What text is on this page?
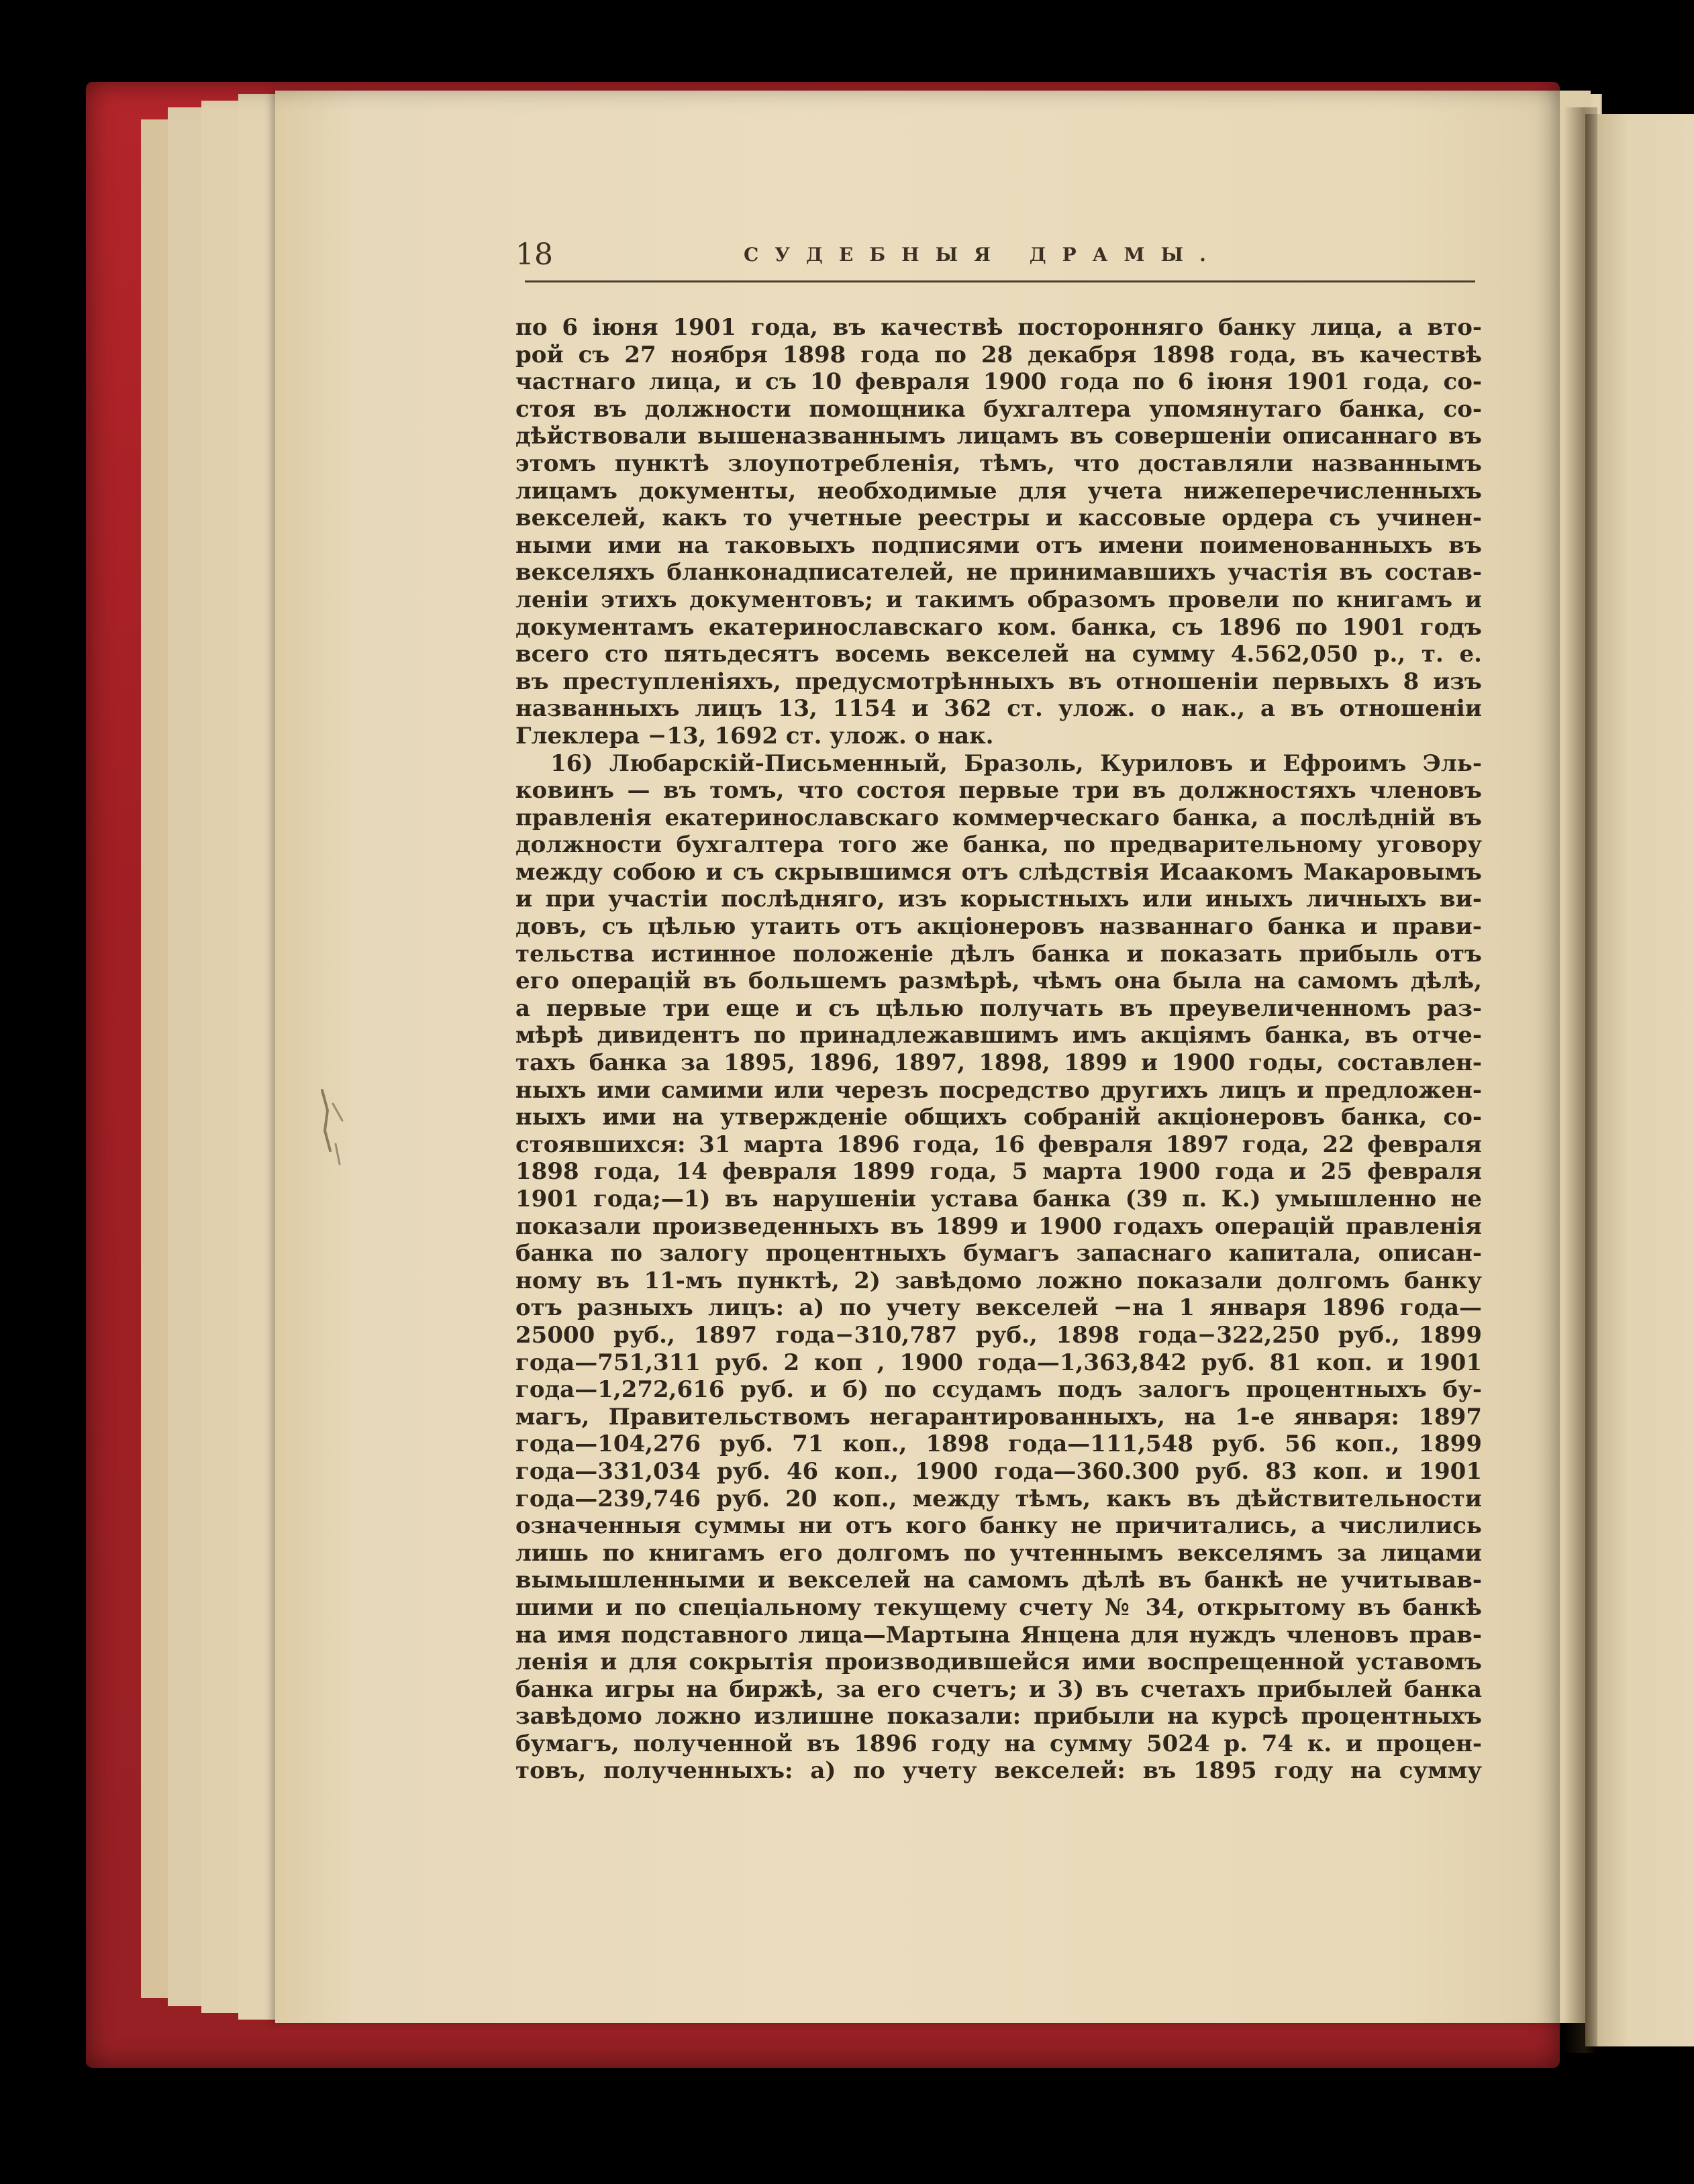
18	СУДЕБНЫЯ ДРАМЫ.
по 6 іюня 1901 года, въ качествѣ посторонняго банку лица, а вто-
рой съ 27 ноября 1898 года по 28 декабря 1898 года, въ качествѣ
частнаго лица, и съ 10 февраля 1900 года по 6 іюня 1901 года, со-
стоя въ должности помощника бухгалтера упомянутаго банка, со-
дѣйствовали вышеназваннымъ лицамъ въ совершеніи описаннаго въ
этомъ пунктѣ злоупотребленія, тѣмъ, что доставляли названнымъ
лицамъ документы, необходимые для учета нижеперечисленныхъ
векселей, какъ то учетные реестры и кассовые ордера съ учинен-
ными ими на таковыхъ подписями отъ имени поименованныхъ въ
векселяхъ бланконадписателей, не принимавшихъ участія въ состав-
леніи этихъ документовъ; и такимъ образомъ провели по книгамъ и
документамъ екатеринославскаго ком. банка, съ 1896 по 1901 годъ
всего сто пятьдесятъ восемь векселей на сумму 4.562,050 р., т. е.
въ преступленіяхъ, предусмотрѣнныхъ въ отношеніи первыхъ 8 изъ
названныхъ лицъ 13, 1154 и 362 ст. улож. о нак., а въ отношеніи
Глеклера −13, 1692 ст. улож. о нак.
16) Любарскій-Письменный, Бразоль, Куриловъ и Ефроимъ Эль-
ковинъ — въ томъ, что состоя первые три въ должностяхъ членовъ
правленія екатеринославскаго коммерческаго банка, а послѣдній въ
должности бухгалтера того же банка, по предварительному уговору
между собою и съ скрывшимся отъ слѣдствія Исаакомъ Макаровымъ
и при участіи послѣдняго, изъ корыстныхъ или иныхъ личныхъ ви-
довъ, съ цѣлью утаить отъ акціонеровъ названнаго банка и прави-
тельства истинное положеніе дѣлъ банка и показать прибыль отъ
его операцій въ большемъ размѣрѣ, чѣмъ она была на самомъ дѣлѣ,
а первые три еще и съ цѣлью получать въ преувеличенномъ раз-
мѣрѣ дивидентъ по принадлежавшимъ имъ акціямъ банка, въ отче-
тахъ банка за 1895, 1896, 1897, 1898, 1899 и 1900 годы, составлен-
ныхъ ими самими или черезъ посредство другихъ лицъ и предложен-
ныхъ ими на утвержденіе общихъ собраній акціонеровъ банка, со-
стоявшихся: 31 марта 1896 года, 16 февраля 1897 года, 22 февраля
1898 года, 14 февраля 1899 года, 5 марта 1900 года и 25 февраля
1901 года;—1) въ нарушеніи устава банка (39 п. К.) умышленно не
показали произведенныхъ въ 1899 и 1900 годахъ операцій правленія
банка по залогу процентныхъ бумагъ запаснаго капитала, описан-
ному въ 11-мъ пунктѣ, 2) завѣдомо ложно показали долгомъ банку
отъ разныхъ лицъ: а) по учету векселей −на 1 января 1896 года—
25000 руб., 1897 года−310,787 руб., 1898 года−322,250 руб., 1899
года—751,311 руб. 2 коп , 1900 года—1,363,842 руб. 81 коп. и 1901
года—1,272,616 руб. и б) по ссудамъ подъ залогъ процентныхъ бу-
магъ, Правительствомъ негарантированныхъ, на 1-е января: 1897
года—104,276 руб. 71 коп., 1898 года—111,548 руб. 56 коп., 1899
года—331,034 руб. 46 коп., 1900 года—360.300 руб. 83 коп. и 1901
года—239,746 руб. 20 коп., между тѣмъ, какъ въ дѣйствительности
означенныя суммы ни отъ кого банку не причитались, а числились
лишь по книгамъ его долгомъ по учтеннымъ векселямъ за лицами
вымышленными и векселей на самомъ дѣлѣ въ банкѣ не учитывав-
шими и по спеціальному текущему счету № 34, открытому въ банкѣ
на имя подставного лица—Мартына Янцена для нуждъ членовъ прав-
ленія и для сокрытія производившейся ими воспрещенной уставомъ
банка игры на биржѣ, за его счетъ; и 3) въ счетахъ прибылей банка
завѣдомо ложно излишне показали: прибыли на курсѣ процентныхъ
бумагъ, полученной въ 1896 году на сумму 5024 р. 74 к. и процен-
товъ, полученныхъ: а) по учету векселей: въ 1895 году на сумму
